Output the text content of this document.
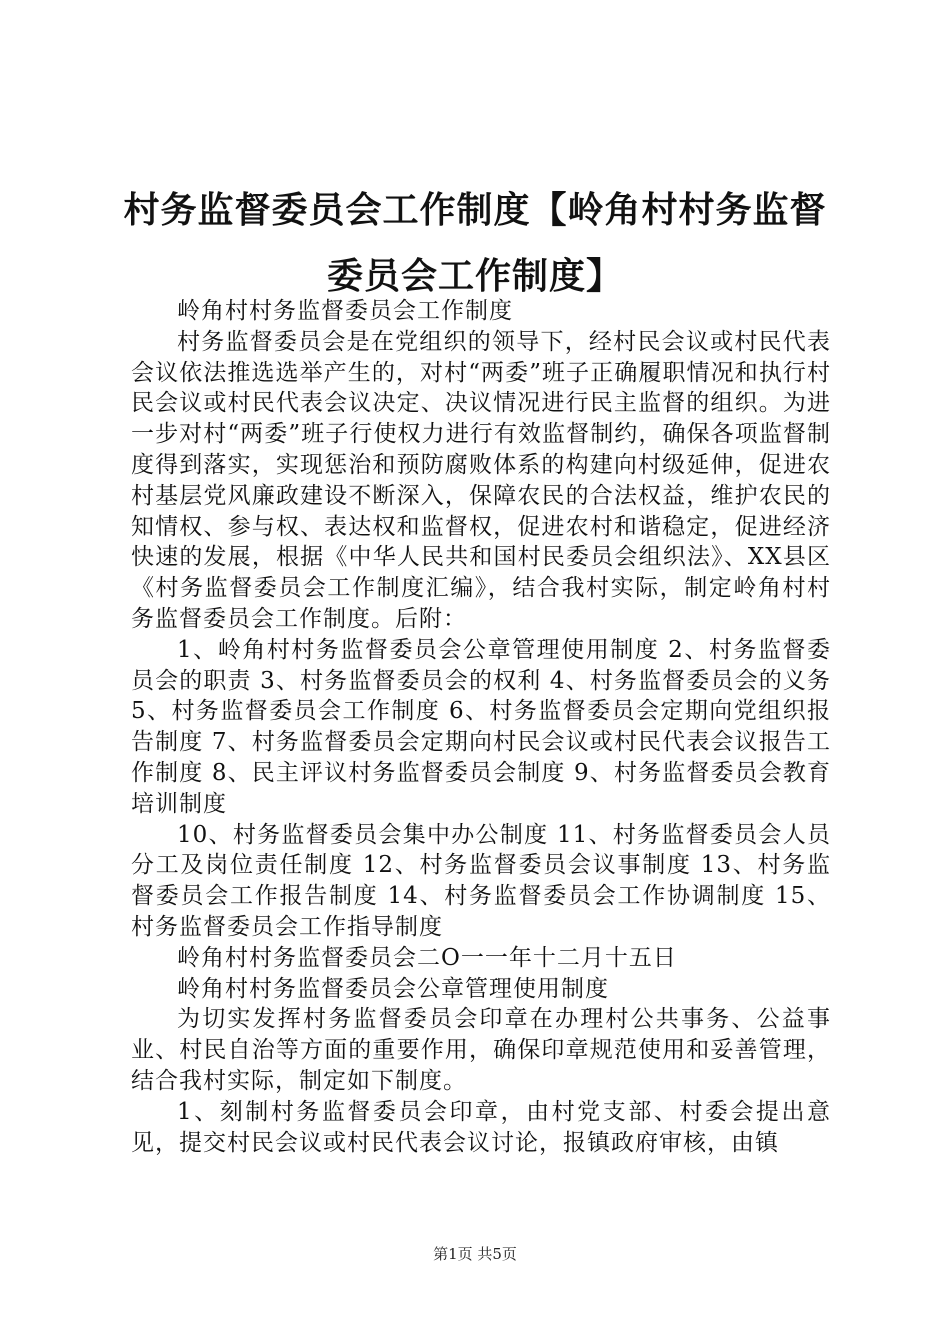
村务监督委员会工作制度【岭角村村务监督委员会工作制度】

岭角村村务监督委员会工作制度

村务监督委员会是在党组织的领导下，经村民会议或村民代表会议依法推选选举产生的，对村“两委”班子正确履职情况和执行村民会议或村民代表会议决定、决议情况进行民主监督的组织。为进一步对村“两委”班子行使权力进行有效监督制约，确保各项监督制度得到落实，实现惩治和预防腐败体系的构建向村级延伸，促进农村基层党风廉政建设不断深入，保障农民的合法权益，维护农民的知情权、参与权、表达权和监督权，促进农村和谐稳定，促进经济快速的发展，根据《中华人民共和国村民委员会组织法》、XX县区《村务监督委员会工作制度汇编》，结合我村实际，制定岭角村村务监督委员会工作制度。后附：

1、岭角村村务监督委员会公章管理使用制度 2、村务监督委员会的职责 3、村务监督委员会的权利 4、村务监督委员会的义务 5、村务监督委员会工作制度 6、村务监督委员会定期向党组织报告制度 7、村务监督委员会定期向村民会议或村民代表会议报告工作制度 8、民主评议村务监督委员会制度 9、村务监督委员会教育培训制度

10、村务监督委员会集中办公制度 11、村务监督委员会人员分工及岗位责任制度 12、村务监督委员会议事制度 13、村务监督委员会工作报告制度 14、村务监督委员会工作协调制度 15、村务监督委员会工作指导制度

岭角村村务监督委员会二O一一年十二月十五日

岭角村村务监督委员会公章管理使用制度

为切实发挥村务监督委员会印章在办理村公共事务、公益事业、村民自治等方面的重要作用，确保印章规范使用和妥善管理，结合我村实际，制定如下制度。

1、刻制村务监督委员会印章，由村党支部、村委会提出意见，提交村民会议或村民代表会议讨论，报镇政府审核，由镇

第1页 共5页
